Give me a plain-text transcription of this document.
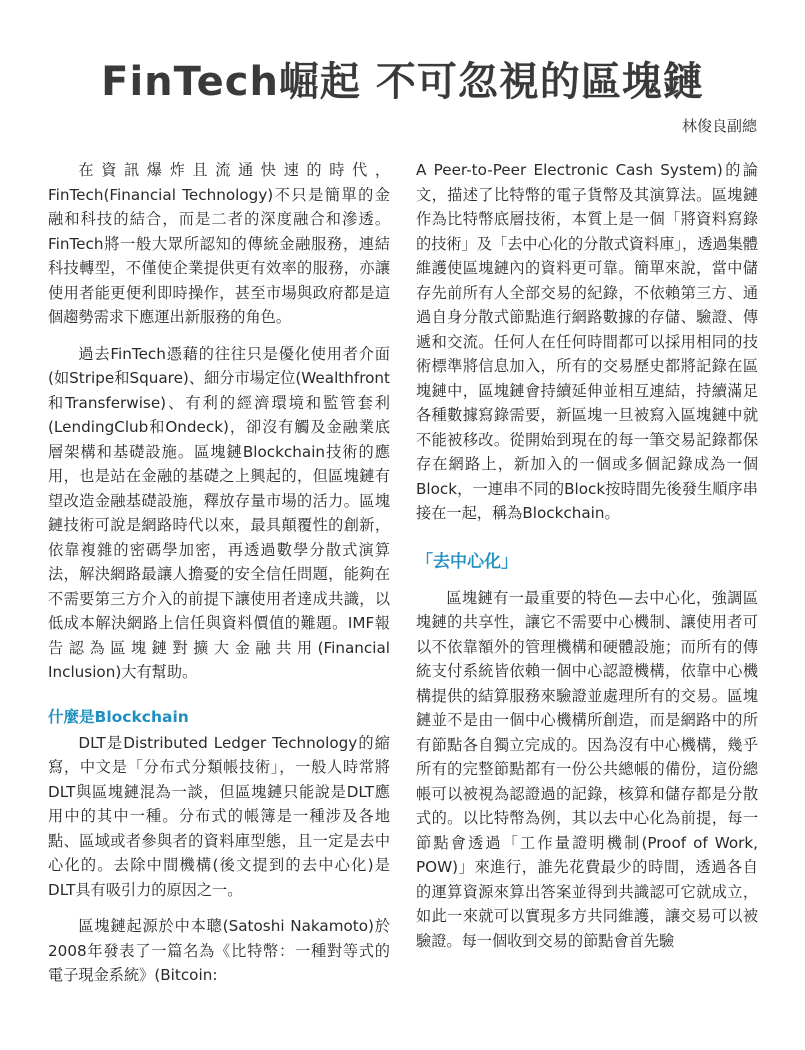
FinTech崛起 不可忽視的區塊鏈
林俊良副總

在資訊爆炸且流通快速的時代，FinTech(Financial Technology)不只是簡單的金融和科技的結合，而是二者的深度融合和滲透。FinTech將一般大眾所認知的傳統金融服務，連結科技轉型，不僅使企業提供更有效率的服務，亦讓使用者能更便利即時操作，甚至市場與政府都是這個趨勢需求下應運出新服務的角色。

過去FinTech憑藉的往往只是優化使用者介面(如Stripe和Square)、細分市場定位(Wealthfront和Transferwise)、有利的經濟環境和監管套利(LendingClub和Ondeck)，卻沒有觸及金融業底層架構和基礎設施。區塊鏈Blockchain技術的應用，也是站在金融的基礎之上興起的，但區塊鏈有望改造金融基礎設施，釋放存量市場的活力。區塊鏈技術可說是網路時代以來，最具顛覆性的創新，依靠複雜的密碼學加密，再透過數學分散式演算法，解決網路最讓人擔憂的安全信任問題，能夠在不需要第三方介入的前提下讓使用者達成共識，以低成本解決網路上信任與資料價值的難題。IMF報告認為區塊鏈對擴大金融共用(Financial Inclusion)大有幫助。

什麼是Blockchain

DLT是Distributed Ledger Technology的縮寫，中文是「分布式分類帳技術」，一般人時常將DLT與區塊鏈混為一談，但區塊鏈只能說是DLT應用中的其中一種。分布式的帳簿是一種涉及各地點、區域或者參與者的資料庫型態，且一定是去中心化的。去除中間機構(後文提到的去中心化)是DLT具有吸引力的原因之一。

區塊鏈起源於中本聰(Satoshi Nakamoto)於2008年發表了一篇名為《比特幣：一種對等式的電子現金系統》(Bitcoin:

A Peer-to-Peer Electronic Cash System)的論文，描述了比特幣的電子貨幣及其演算法。區塊鏈作為比特幣底層技術，本質上是一個「將資料寫錄的技術」及「去中心化的分散式資料庫」，透過集體維護使區塊鏈內的資料更可靠。簡單來說，當中儲存先前所有人全部交易的紀錄，不依賴第三方、通過自身分散式節點進行網路數據的存儲、驗證、傳遞和交流。任何人在任何時間都可以採用相同的技術標準將信息加入，所有的交易歷史都將記錄在區塊鏈中，區塊鏈會持續延伸並相互連結，持續滿足各種數據寫錄需要，新區塊一旦被寫入區塊鏈中就不能被移改。從開始到現在的每一筆交易記錄都保存在網路上，新加入的一個或多個記錄成為一個Block，一連串不同的Block按時間先後發生順序串接在一起，稱為Blockchain。

「去中心化」

區塊鏈有一最重要的特色—去中心化，強調區塊鏈的共享性，讓它不需要中心機制、讓使用者可以不依靠額外的管理機構和硬體設施；而所有的傳統支付系統皆依賴一個中心認證機構，依靠中心機構提供的結算服務來驗證並處理所有的交易。區塊鏈並不是由一個中心機構所創造，而是網路中的所有節點各自獨立完成的。因為沒有中心機構，幾乎所有的完整節點都有一份公共總帳的備份，這份總帳可以被視為認證過的記錄，核算和儲存都是分散式的。以比特幣為例，其以去中心化為前提，每一節點會透過「工作量證明機制(Proof of Work, POW)」來進行，誰先花費最少的時間，透過各自的運算資源來算出答案並得到共識認可它就成立，如此一來就可以實現多方共同維護，讓交易可以被驗證。每一個收到交易的節點會首先驗
